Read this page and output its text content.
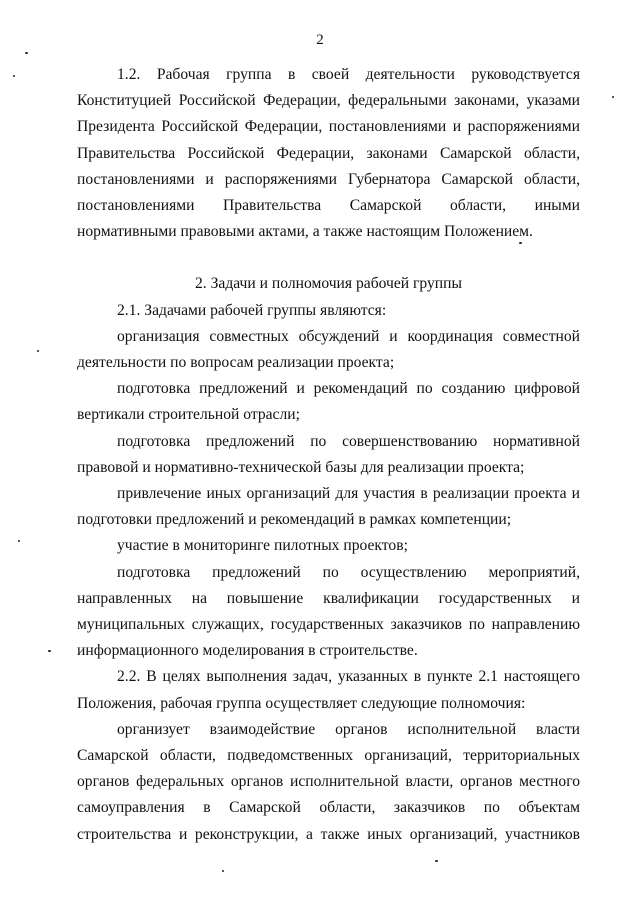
2

1.2. Рабочая группа в своей деятельности руководствуется Конституцией Российской Федерации, федеральными законами, указами Президента Российской Федерации, постановлениями и распоряжениями Правительства Российской Федерации, законами Самарской области, постановлениями и распоряжениями Губернатора Самарской области, постановлениями Правительства Самарской области, иными нормативными правовыми актами, а также настоящим Положением.

2. Задачи и полномочия рабочей группы

2.1. Задачами рабочей группы являются:

организация совместных обсуждений и координация совместной деятельности по вопросам реализации проекта;

подготовка предложений и рекомендаций по созданию цифровой вертикали строительной отрасли;

подготовка предложений по совершенствованию нормативной правовой и нормативно-технической базы для реализации проекта;

привлечение иных организаций для участия в реализации проекта и подготовки предложений и рекомендаций в рамках компетенции;

участие в мониторинге пилотных проектов;

подготовка предложений по осуществлению мероприятий, направленных на повышение квалификации государственных и муниципальных служащих, государственных заказчиков по направлению информационного моделирования в строительстве.

2.2. В целях выполнения задач, указанных в пункте 2.1 настоящего Положения, рабочая группа осуществляет следующие полномочия:

организует взаимодействие органов исполнительной власти Самарской области, подведомственных организаций, территориальных органов федеральных органов исполнительной власти, органов местного самоуправления в Самарской области, заказчиков по объектам строительства и реконструкции, а также иных организаций, участников
